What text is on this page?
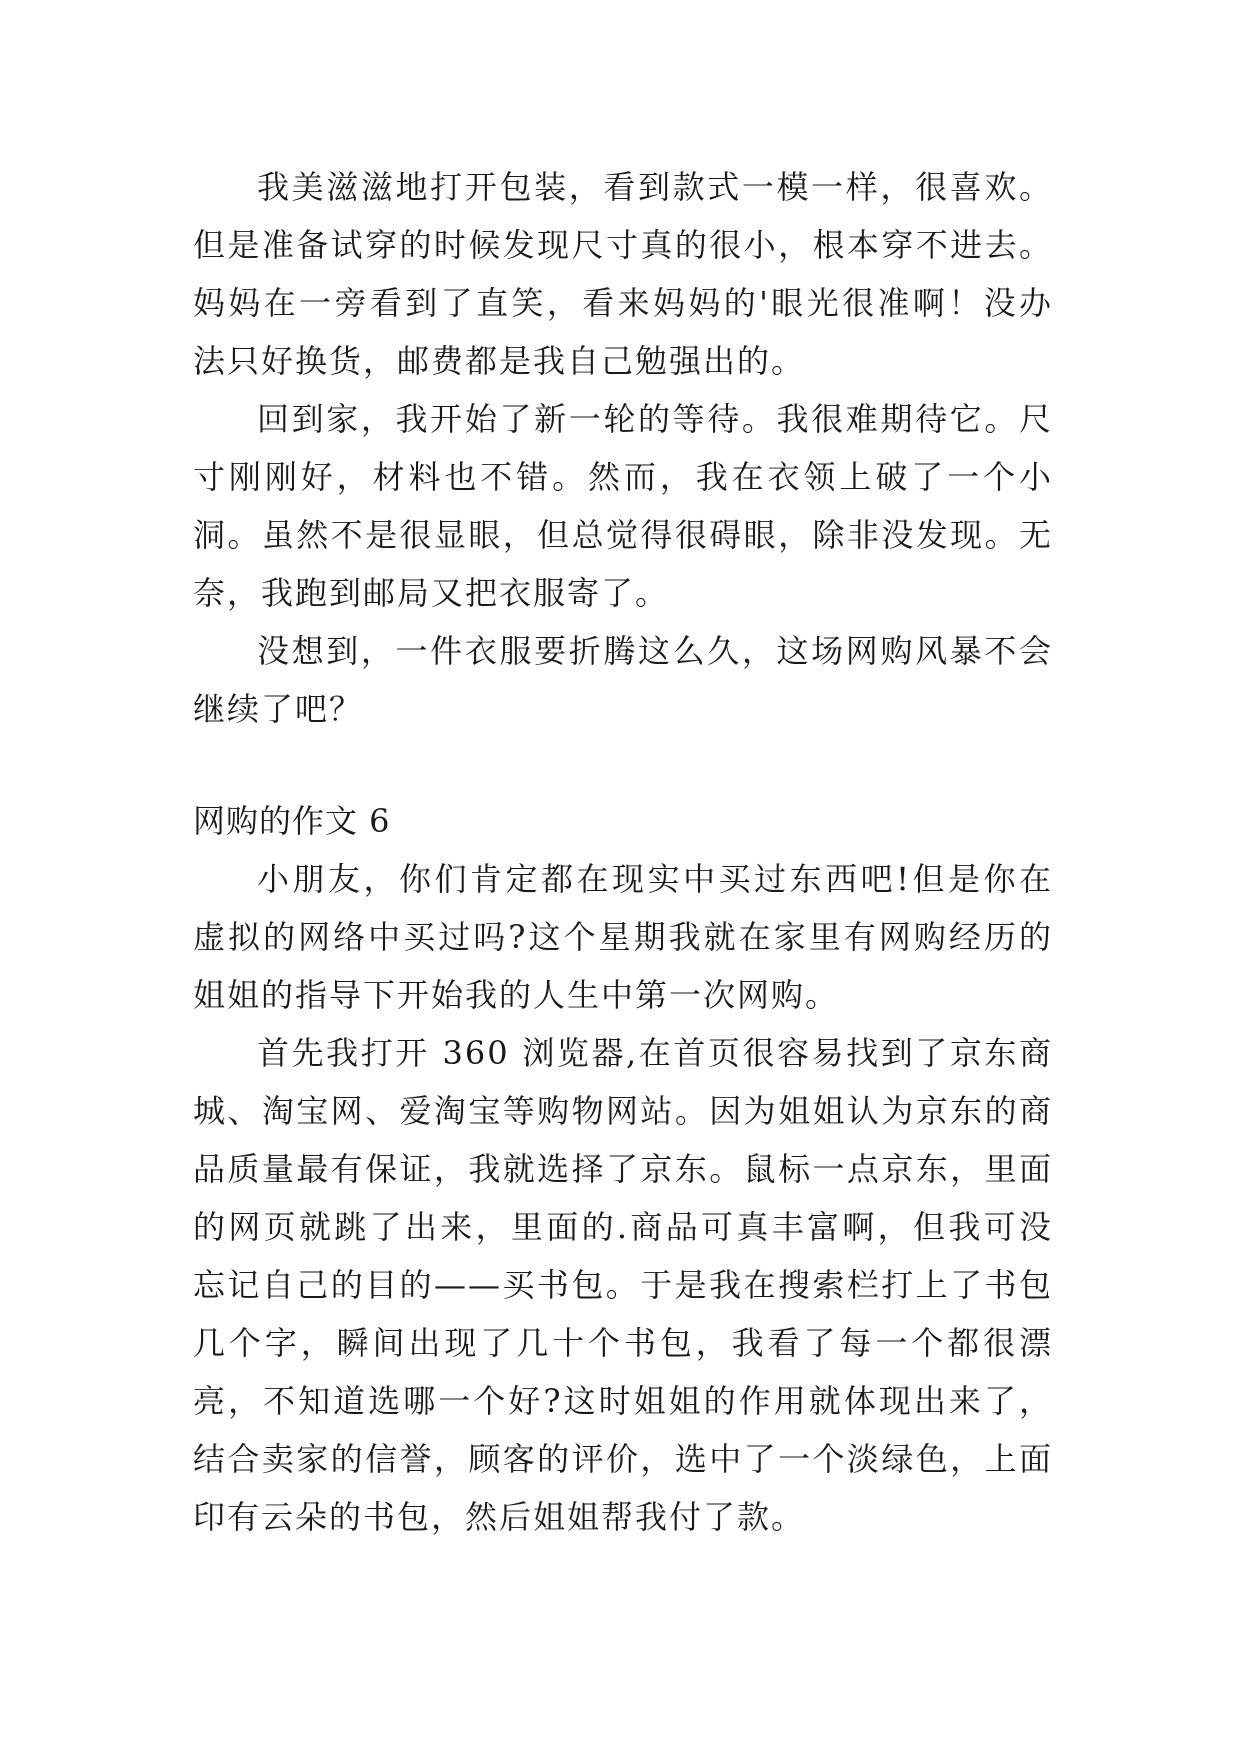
我美滋滋地打开包装，看到款式一模一样，很喜欢。但是准备试穿的时候发现尺寸真的很小，根本穿不进去。妈妈在一旁看到了直笑，看来妈妈的'眼光很准啊！没办法只好换货，邮费都是我自己勉强出的。

回到家，我开始了新一轮的等待。我很难期待它。尺寸刚刚好，材料也不错。然而，我在衣领上破了一个小洞。虽然不是很显眼，但总觉得很碍眼，除非没发现。无奈，我跑到邮局又把衣服寄了。

没想到，一件衣服要折腾这么久，这场网购风暴不会继续了吧？

网购的作文 6

小朋友，你们肯定都在现实中买过东西吧!但是你在虚拟的网络中买过吗?这个星期我就在家里有网购经历的姐姐的指导下开始我的人生中第一次网购。

首先我打开 360 浏览器,在首页很容易找到了京东商城、淘宝网、爱淘宝等购物网站。因为姐姐认为京东的商品质量最有保证，我就选择了京东。鼠标一点京东，里面的网页就跳了出来，里面的.商品可真丰富啊，但我可没忘记自己的目的——买书包。于是我在搜索栏打上了书包几个字，瞬间出现了几十个书包，我看了每一个都很漂亮，不知道选哪一个好?这时姐姐的作用就体现出来了，结合卖家的信誉，顾客的评价，选中了一个淡绿色，上面印有云朵的书包，然后姐姐帮我付了款。
